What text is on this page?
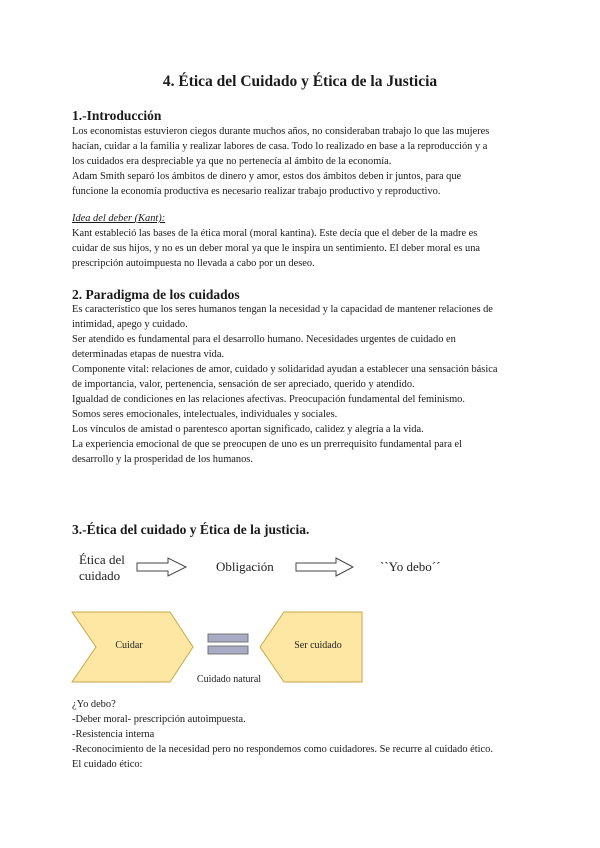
4. Ética del Cuidado y Ética de la Justicia
1.-Introducción
Los economistas estuvieron ciegos durante muchos años, no consideraban trabajo lo que las mujeres
hacían, cuidar a la familia y realizar labores de casa. Todo lo realizado en base a la reproducción y a
los cuidados era despreciable ya que no pertenecía al ámbito de la economía.
Adam Smith separó los ámbitos de dinero y amor, estos dos ámbitos deben ir juntos, para que
funcione la economía productiva es necesario realizar trabajo productivo y reproductivo.
Idea del deber (Kant):
Kant estableció las bases de la ética moral (moral kantina). Este decía que el deber de la madre es
cuidar de sus hijos, y no es un deber moral ya que le inspira un sentimiento. El deber moral es una
prescripción autoimpuesta no llevada a cabo por un deseo.
2. Paradigma de los cuidados
Es característico que los seres humanos tengan la necesidad y la capacidad de mantener relaciones de
intimidad, apego y cuidado.
Ser atendido es fundamental para el desarrollo humano. Necesidades urgentes de cuidado en
determinadas etapas de nuestra vida.
Componente vital: relaciones de amor, cuidado y solidaridad ayudan a establecer una sensación básica
de importancia, valor, pertenencia, sensación de ser apreciado, querido y atendido.
Igualdad de condiciones en las relaciones afectivas. Preocupación fundamental del feminismo.
Somos seres emocionales, intelectuales, individuales y sociales.
Los vínculos de amistad o parentesco aportan significado, calidez y alegría a la vida.
La experiencia emocional de que se preocupen de uno es un prerrequisito fundamental para el
desarrollo y la prosperidad de los humanos.
3.-Ética del cuidado y Ética de la justicia.
Ética del
cuidado
Obligación	``Yo debo´´
Cuidar	Ser cuidado
Cuidado natural
¿Yo debo?
-Deber moral- prescripción autoimpuesta.
-Resistencia interna
-Reconocimiento de la necesidad pero no respondemos como cuidadores. Se recurre al cuidado ético.
El cuidado ético:
